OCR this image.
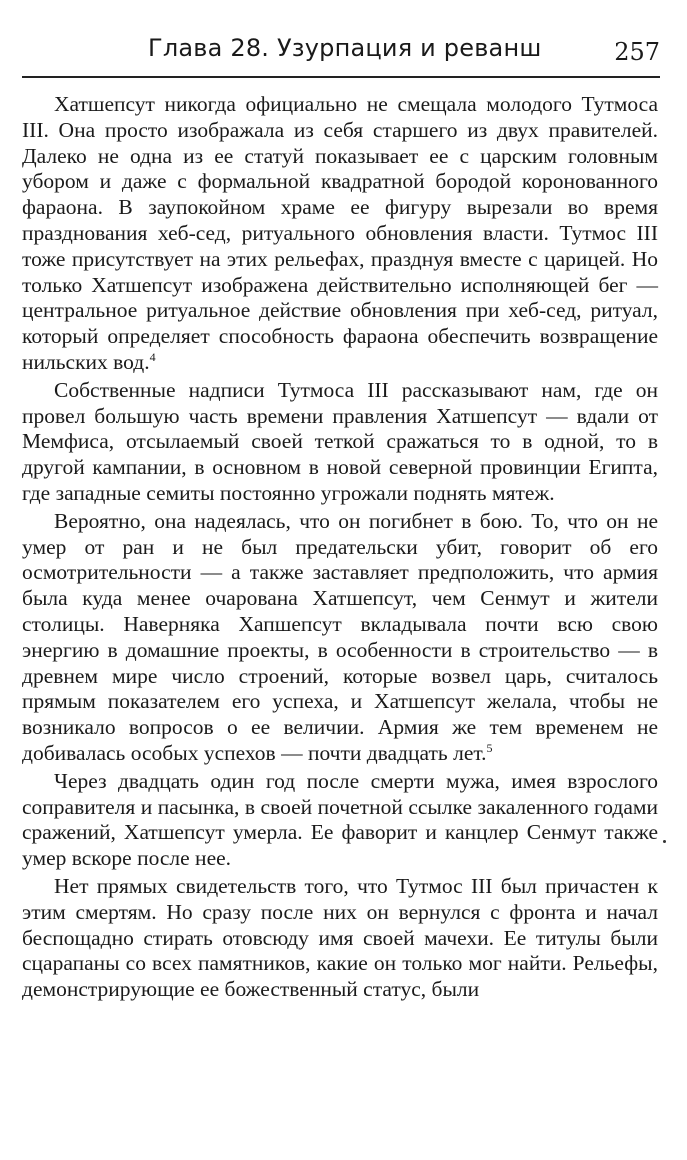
Глава 28. Узурпация и реванш	257

Хатшепсут никогда официально не смещала молодого Тутмоса III. Она просто изображала из себя старшего из двух правителей. Далеко не одна из ее статуй показывает ее с царским головным убором и даже с формальной квадратной бородой коронованного фараона. В заупокойном храме ее фигуру вырезали во время празднования хеб-сед, ритуального обновления власти. Тутмос III тоже присутствует на этих рельефах, празднуя вместе с царицей. Но только Хатшепсут изображена действительно исполняющей бег — центральное ритуальное действие обновления при хеб-сед, ритуал, который определяет способность фараона обеспечить возвращение нильских вод.$^4$

Собственные надписи Тутмоса III рассказывают нам, где он провел большую часть времени правления Хатшепсут — вдали от Мемфиса, отсылаемый своей теткой сражаться то в одной, то в другой кампании, в основном в новой северной провинции Египта, где западные семиты постоянно угрожали поднять мятеж.

Вероятно, она надеялась, что он погибнет в бою. То, что он не умер от ран и не был предательски убит, говорит об его осмотрительности — а также заставляет предположить, что армия была куда менее очарована Хатшепсут, чем Сенмут и жители столицы. Наверняка Хапшепсут вкладывала почти всю свою энергию в домашние проекты, в особенности в строительство — в древнем мире число строений, которые возвел царь, считалось прямым показателем его успеха, и Хатшепсут желала, чтобы не возникало вопросов о ее величии. Армия же тем временем не добивалась особых успехов — почти двадцать лет.$^5$

Через двадцать один год после смерти мужа, имея взрослого соправителя и пасынка, в своей почетной ссылке закаленного годами сражений, Хатшепсут умерла. Ее фаворит и канцлер Сенмут также умер вскоре после нее.

Нет прямых свидетельств того, что Тутмос III был причастен к этим смертям. Но сразу после них он вернулся с фронта и начал беспощадно стирать отовсюду имя своей мачехи. Ее титулы были сцарапаны со всех памятников, какие он только мог найти. Рельефы, демонстрирующие ее божественный статус, были
